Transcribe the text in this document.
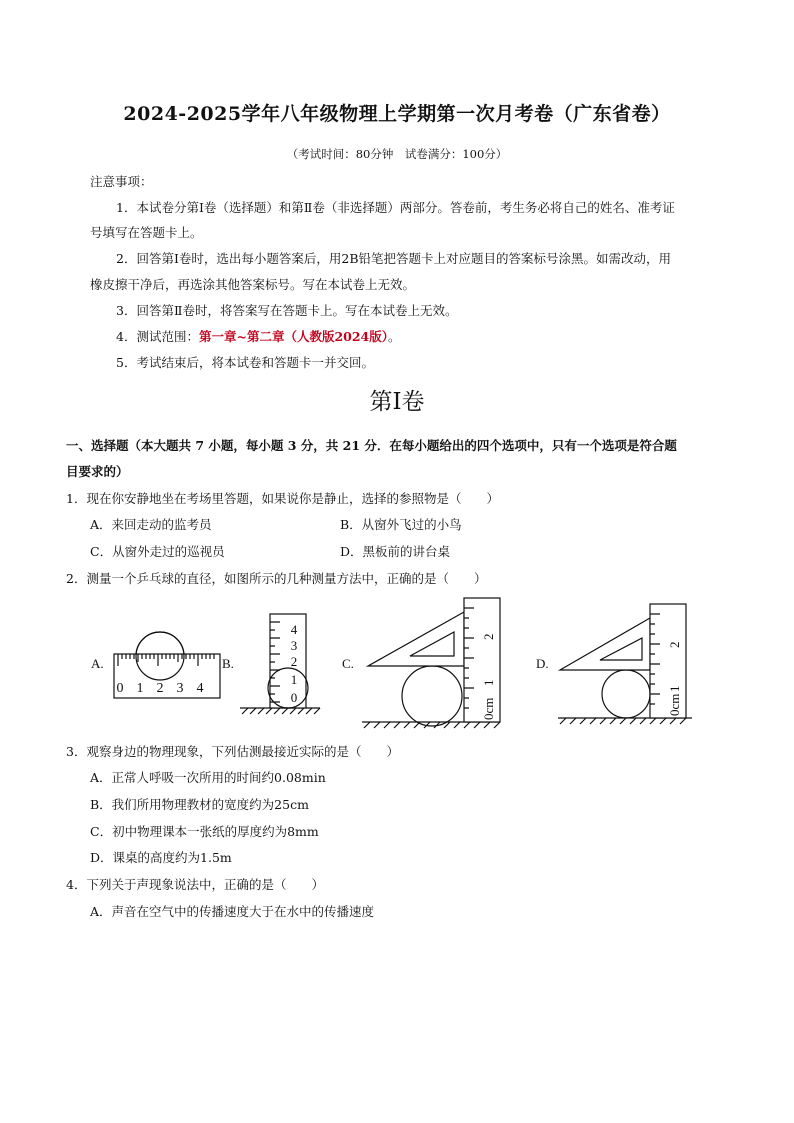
2024-2025学年八年级物理上学期第一次月考卷（广东省卷）
（考试时间：80分钟　试卷满分：100分）
注意事项：
1．本试卷分第Ⅰ卷（选择题）和第Ⅱ卷（非选择题）两部分。答卷前，考生务必将自己的姓名、准考证
号填写在答题卡上。
2．回答第Ⅰ卷时，选出每小题答案后，用2B铅笔把答题卡上对应题目的答案标号涂黑。如需改动，用
橡皮擦干净后，再选涂其他答案标号。写在本试卷上无效。
3．回答第Ⅱ卷时，将答案写在答题卡上。写在本试卷上无效。
4．测试范围：第一章~第二章（人教版2024版）。
5．考试结束后，将本试卷和答题卡一并交回。
第Ⅰ卷
一、选择题（本大题共 7 小题，每小题 3 分，共 21 分．在每小题给出的四个选项中，只有一个选项是符合题
目要求的）
1．现在你安静地坐在考场里答题，如果说你是静止，选择的参照物是（　　）
A．来回走动的监考员	B．从窗外飞过的小鸟
C．从窗外走过的巡视员	D．黑板前的讲台桌
2．测量一个乒乓球的直径，如图所示的几种测量方法中，正确的是（　　）
A.	B.	C.	D.
0 1 2 3 4
4
3
2
1
0
0cm
1
2
0cm
1
2
3．观察身边的物理现象，下列估测最接近实际的是（　　）
A．正常人呼吸一次所用的时间约0.08min
B．我们所用物理教材的宽度约为25cm
C．初中物理课本一张纸的厚度约为8mm
D．课桌的高度约为1.5m
4．下列关于声现象说法中，正确的是（　　）
A．声音在空气中的传播速度大于在水中的传播速度
